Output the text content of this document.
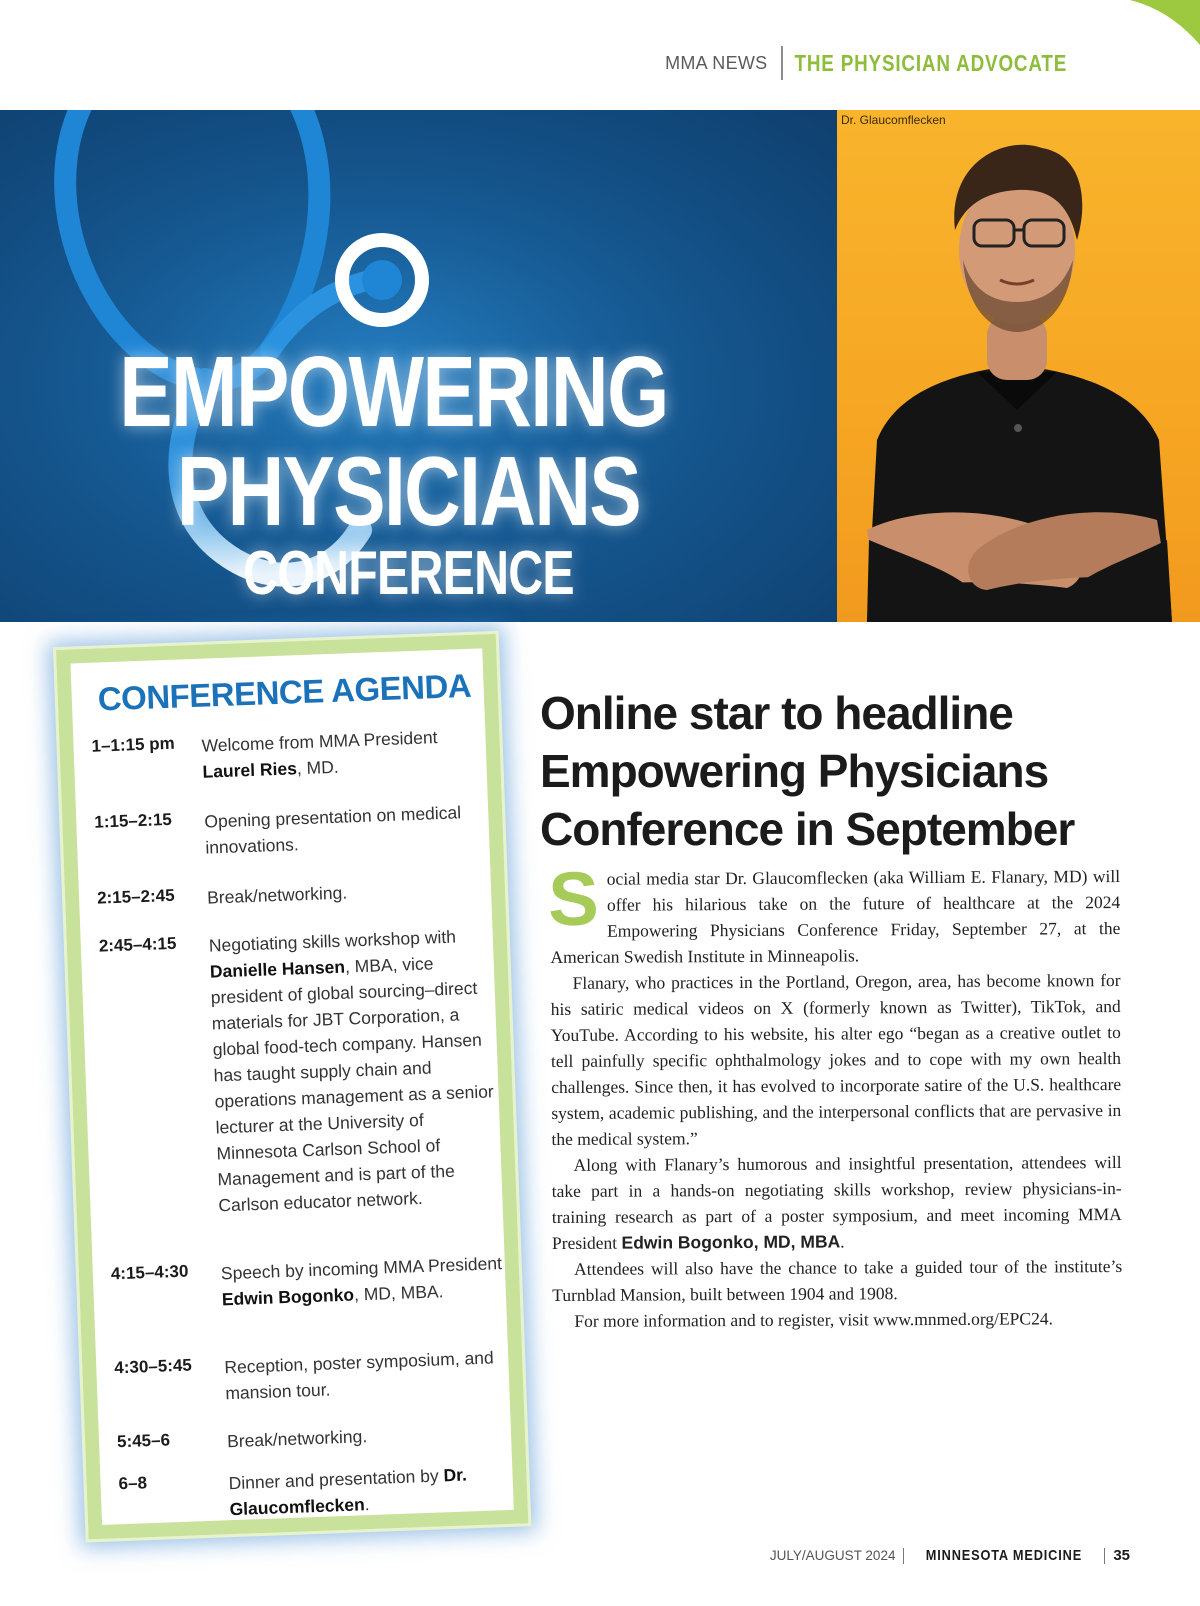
MMA NEWS	THE PHYSICIAN ADVOCATE
EMPOWERING
PHYSICIANS
CONFERENCE
Dr. Glaucomflecken
CONFERENCE AGENDA
1–1:15 pm	Welcome from MMA President Laurel Ries, MD.
1:15–2:15	Opening presentation on medical innovations.
2:15–2:45	Break/networking.
2:45–4:15	Negotiating skills workshop with Danielle Hansen, MBA, vice president of global sourcing–direct materials for JBT Corporation, a global food-tech company. Hansen has taught supply chain and operations management as a senior lecturer at the University of Minnesota Carlson School of Management and is part of the Carlson educator network.
4:15–4:30	Speech by incoming MMA President Edwin Bogonko, MD, MBA.
4:30–5:45	Reception, poster symposium, and mansion tour.
5:45–6	Break/networking.
6–8	Dinner and presentation by Dr. Glaucomflecken.
Online star to headline Empowering Physicians Conference in September

Social media star Dr. Glaucomflecken (aka William E. Flanary, MD) will offer his hilarious take on the future of healthcare at the 2024 Empowering Physicians Conference Friday, September 27, at the American Swedish Institute in Minneapolis.

Flanary, who practices in the Portland, Oregon, area, has become known for his satiric medical videos on X (formerly known as Twitter), TikTok, and YouTube. According to his website, his alter ego “began as a creative outlet to tell painfully specific ophthalmology jokes and to cope with my own health challenges. Since then, it has evolved to incorporate satire of the U.S. healthcare system, academic publishing, and the interpersonal conflicts that are pervasive in the medical system.”

Along with Flanary’s humorous and insightful presentation, attendees will take part in a hands-on negotiating skills workshop, review physicians-in-training research as part of a poster symposium, and meet incoming MMA President Edwin Bogonko, MD, MBA.

Attendees will also have the chance to take a guided tour of the institute’s Turnblad Mansion, built between 1904 and 1908.

For more information and to register, visit www.mnmed.org/EPC24.

JULY/AUGUST 2024	MINNESOTA MEDICINE	35
